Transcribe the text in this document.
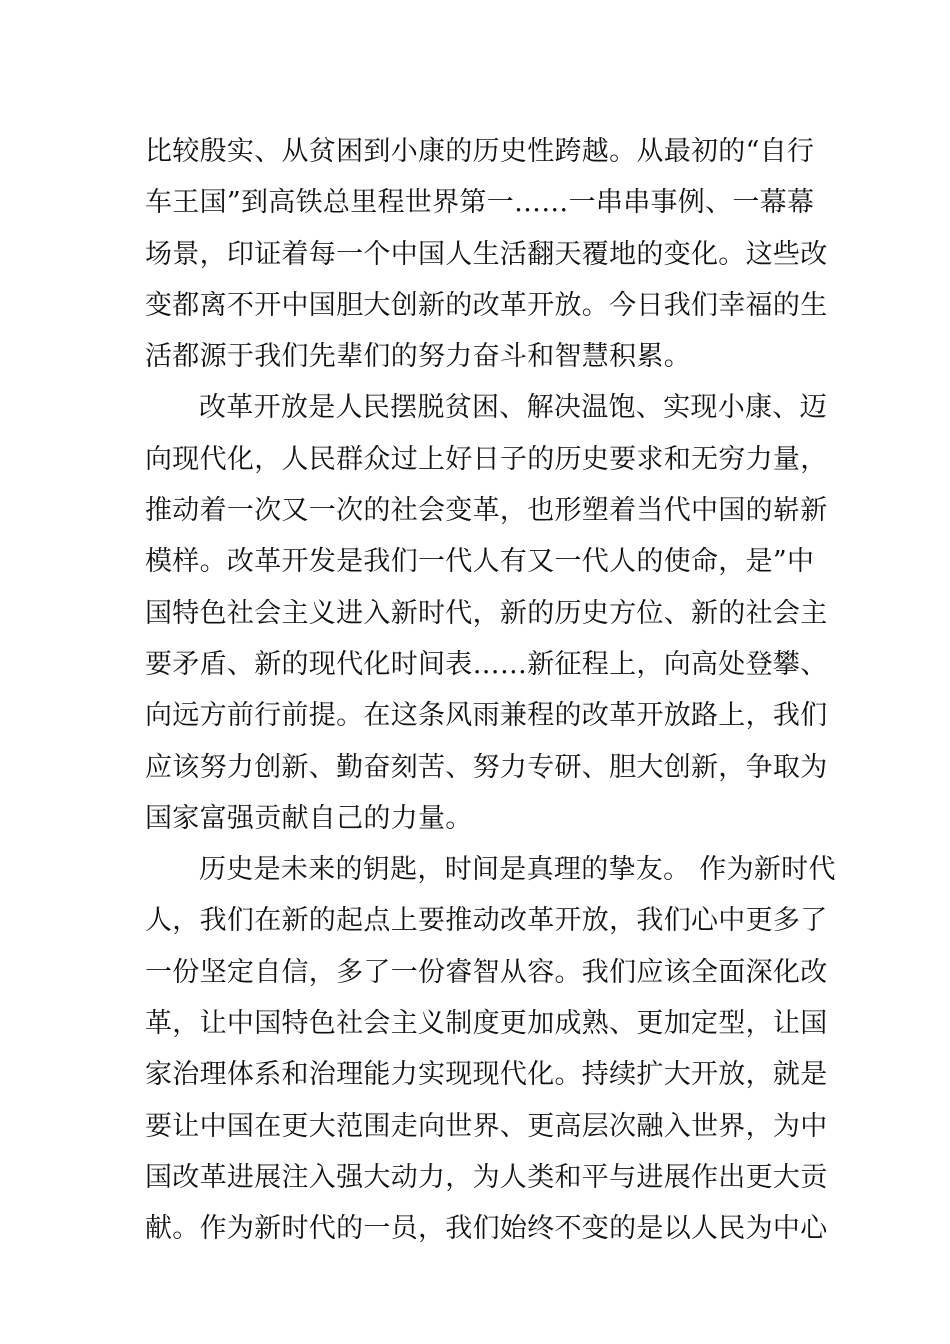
比较殷实、从贫困到小康的历史性跨越。从最初的“自行
车王国”到高铁总里程世界第一……一串串事例、一幕幕
场景，印证着每一个中国人生活翻天覆地的变化。这些改
变都离不开中国胆大创新的改革开放。今日我们幸福的生
活都源于我们先辈们的努力奋斗和智慧积累。
改革开放是人民摆脱贫困、解决温饱、实现小康、迈
向现代化，人民群众过上好日子的历史要求和无穷力量，
推动着一次又一次的社会变革，也形塑着当代中国的崭新
模样。改革开发是我们一代人有又一代人的使命，是”中
国特色社会主义进入新时代，新的历史方位、新的社会主
要矛盾、新的现代化时间表……新征程上，向高处登攀、
向远方前行前提。在这条风雨兼程的改革开放路上，我们
应该努力创新、勤奋刻苦、努力专研、胆大创新，争取为
国家富强贡献自己的力量。
历史是未来的钥匙，时间是真理的挚友。 作为新时代
人，我们在新的起点上要推动改革开放，我们心中更多了
一份坚定自信，多了一份睿智从容。我们应该全面深化改
革，让中国特色社会主义制度更加成熟、更加定型，让国
家治理体系和治理能力实现现代化。持续扩大开放，就是
要让中国在更大范围走向世界、更高层次融入世界，为中
国改革进展注入强大动力，为人类和平与进展作出更大贡
献。作为新时代的一员，我们始终不变的是以人民为中心
